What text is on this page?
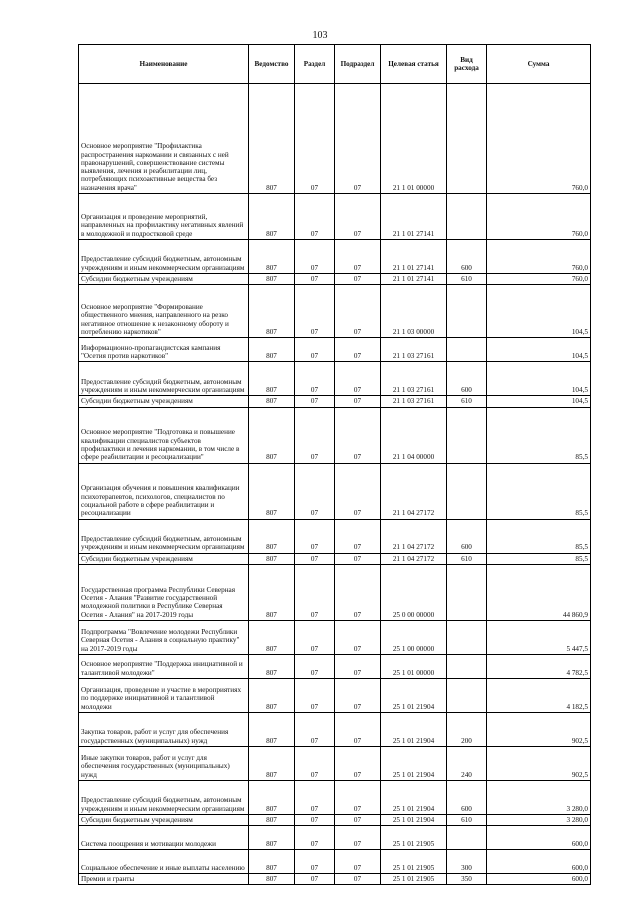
103
Наименование	Ведомство	Раздел	Подраздел	Целевая статья	Вид расхода	Сумма
Основное мероприятие "Профилактика распространения наркомании и связанных с ней правонарушений, совершенствование системы выявления, лечения и реабилитации лиц, потребляющих психоактивные вещества без назначения врача"	807	07	07	21 1 01 00000		760,0
Организация и проведение мероприятий, направленных на профилактику негативных явлений в молодежной и подростковой среде	807	07	07	21 1 01 27141		760,0
Предоставление субсидий бюджетным, автономным учреждениям и иным некоммерческим организациям	807	07	07	21 1 01 27141	600	760,0
Субсидии бюджетным учреждениям	807	07	07	21 1 01 27141	610	760,0
Основное мероприятие "Формирование общественного мнения, направленного на резко негативное отношение к незаконному обороту и потреблению наркотиков"	807	07	07	21 1 03 00000		104,5
Информационно-пропагандистская кампания "Осетия против наркотиков"	807	07	07	21 1 03 27161		104,5
Предоставление субсидий бюджетным, автономным учреждениям и иным некоммерческим организациям	807	07	07	21 1 03 27161	600	104,5
Субсидии бюджетным учреждениям	807	07	07	21 1 03 27161	610	104,5
Основное мероприятие "Подготовка и повышение квалификации специалистов субъектов профилактики и лечения наркомании, в том числе в сфере реабилитации и ресоциализации"	807	07	07	21 1 04 00000		85,5
Организация обучения и повышения квалификации психотерапевтов, психологов, специалистов по социальной работе в сфере реабилитации и ресоциализации	807	07	07	21 1 04 27172		85,5
Предоставление субсидий бюджетным, автономным учреждениям и иным некоммерческим организациям	807	07	07	21 1 04 27172	600	85,5
Субсидии бюджетным учреждениям	807	07	07	21 1 04 27172	610	85,5
Государственная программа Республики Северная Осетия - Алания "Развитие государственной молодежной политики в Республике Северная Осетия - Алания" на 2017-2019 годы	807	07	07	25 0 00 00000		44 860,9
Подпрограмма "Вовлечение молодежи Республики Северная Осетия - Алания в социальную практику" на 2017-2019 годы	807	07	07	25 1 00 00000		5 447,5
Основное мероприятие "Поддержка инициативной и талантливой молодежи"	807	07	07	25 1 01 00000		4 782,5
Организация, проведение и участие в мероприятиях по поддержке инициативной и талантливой молодежи	807	07	07	25 1 01 21904		4 182,5
Закупка товаров, работ и услуг для обеспечения государственных (муниципальных) нужд	807	07	07	25 1 01 21904	200	902,5
Иные закупки товаров, работ и услуг для обеспечения государственных (муниципальных) нужд	807	07	07	25 1 01 21904	240	902,5
Предоставление субсидий бюджетным, автономным учреждениям и иным некоммерческим организациям	807	07	07	25 1 01 21904	600	3 280,0
Субсидии бюджетным учреждениям	807	07	07	25 1 01 21904	610	3 280,0
Система поощрения и мотивации молодежи	807	07	07	25 1 01 21905		600,0
Социальное обеспечение и иные выплаты населению	807	07	07	25 1 01 21905	300	600,0
Премии и гранты	807	07	07	25 1 01 21905	350	600,0
